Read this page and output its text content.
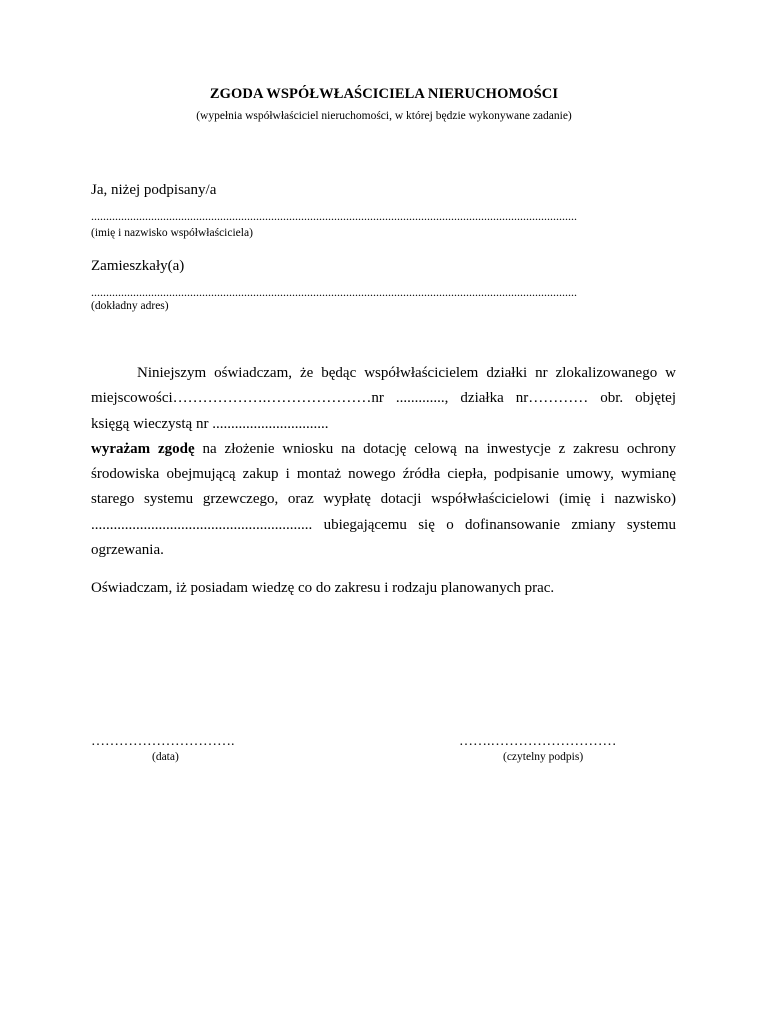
ZGODA WSPÓŁWŁAŚCICIELA NIERUCHOMOŚCI
(wypełnia współwłaściciel nieruchomości, w której będzie wykonywane zadanie)
Ja, niżej podpisany/a
..................................................................................................................................................................
(imię i nazwisko współwłaściciela)
Zamieszkały(a)
..................................................................................................................................................................
(dokładny adres)

Niniejszym oświadczam, że będąc współwłaścicielem działki nr zlokalizowanego w miejscowości……………….…………………nr ............., działka nr………… obr. objętej księgą wieczystą nr ...............................

wyrażam zgodę na złożenie wniosku na dotację celową na inwestycje z zakresu ochrony środowiska obejmującą zakup i montaż nowego źródła ciepła, podpisanie umowy, wymianę starego systemu grzewczego, oraz wypłatę dotacji współwłaścicielowi (imię i nazwisko) ........................................................... ubiegającemu się o dofinansowanie zmiany systemu ogrzewania.

Oświadczam, iż posiadam wiedzę co do zakresu i rodzaju planowanych prac.
………………………….
(data)
…….………………………
(czytelny podpis)
